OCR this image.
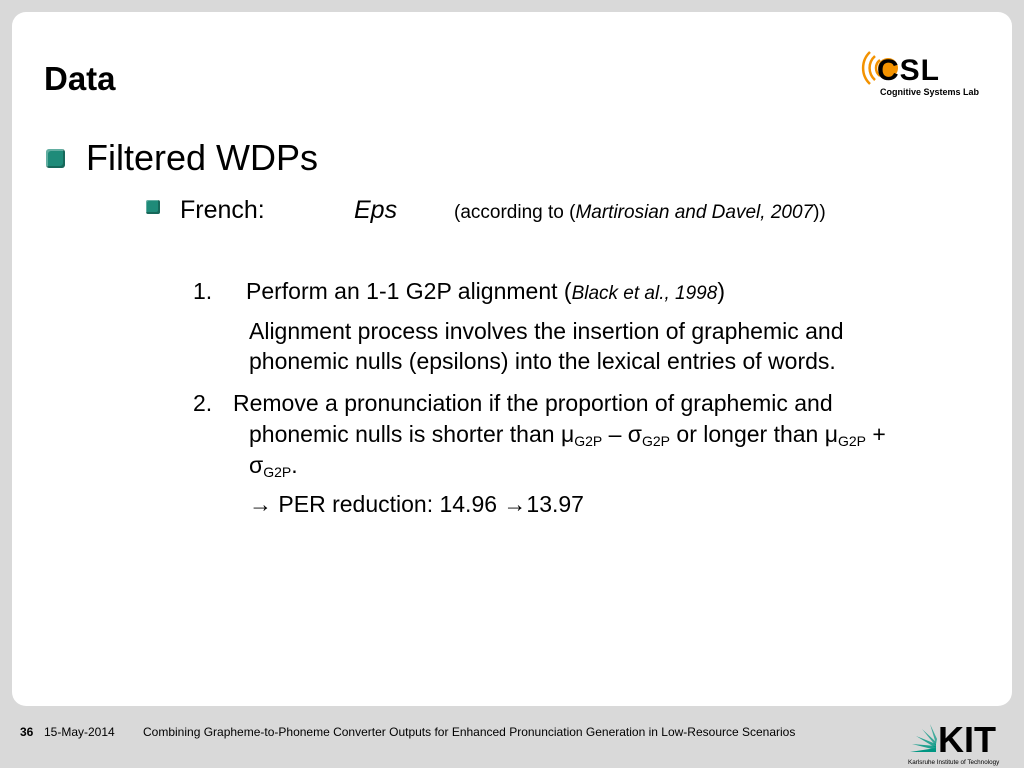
Data	CSL
Cognitive Systems Lab
Filtered WDPs
French:	Eps	(according to (Martirosian and Davel, 2007))
1. Perform an 1-1 G2P alignment (Black et al., 1998)
Alignment process involves the insertion of graphemic and
phonemic nulls (epsilons) into the lexical entries of words.
2. Remove a pronunciation if the proportion of graphemic and
phonemic nulls is shorter than $\mu_{G2P} - \sigma_{G2P}$ or longer than $\mu_{G2P}$ +
$\sigma_{G2P}$.
→ PER reduction: 14.96 →13.97
36 15-May-2014 Combining Grapheme-to-Phoneme Converter Outputs for Enhanced Pronunciation Generation in Low-Resource Scenarios	KIT
Karlsruhe Institute of Technology
